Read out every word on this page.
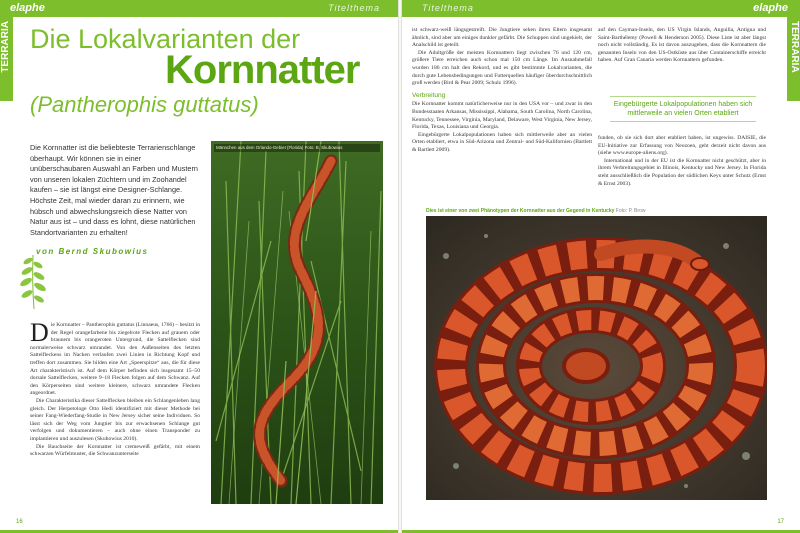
elaphe	Titelthema
TERRARIA Die Lokalvarianten der
Kornnatter
(Pantherophis guttatus)
Die Kornnatter ist die beliebteste Terrarienschlange überhaupt. Wir können sie in einer unüberschaubaren Auswahl an Farben und Mustern von unseren lokalen Züchtern und im Zoohandel kaufen – sie ist längst eine Designer-Schlange. Höchste Zeit, mal wieder daran zu erinnern, wie hübsch und abwechslungsreich diese Natter von Natur aus ist – und dass es lohnt, diese natürlichen Standortvarianten zu erhalten!
von Bernd Skubowius
D ie Kornnatter – Pantherophis guttatus (Linnaeus, 1766) – besitzt in der Regel orangefarbene bis ziegelrote Flecken auf grauem oder braunem bis orangeroten Untergrund, die Sattelflecken sind normalerweise schwarz umrandet. Von den Außenseiten des letzten Sattelfleckens im Nacken verlaufen zwei Linien in Richtung Kopf und treffen dort zusammen. Sie bilden eine Art „Speerspitze“ aus, die für diese Art charakteristisch ist. Auf dem Körper befinden sich insgesamt 15–50 dorsale Sattelflecken, weitere 9–18 Flecken folgen auf dem Schwanz. Auf den Körperseiten sind weitere kleinere, schwarz umrandete Flecken angeordnet.

Die Charakteristika dieser Sattelflecken bleiben ein Schlangenleben lang gleich. Der Herpetologe Otto Hedi identifiziert mit dieser Methode bei seiner Fang-Wiederfang-Studie in New Jersey sicher seine Individuen. So lässt sich der Weg vom Jungtier bis zur erwachsenen Schlange gut verfolgen und dokumentieren – auch ohne einen Transponder zu implantieren und auszulesen (Skubowius 2010).

Die Bauchseite der Kornnatter ist cremeweiß gefärbt, mit einem schwarzen Würfelmuster, die Schwanzunterseite

Männchen aus dem Orlando-Gebiet (Florida) Foto: B. Skubowius
16
Titelthema	elaphe
TERRARIA

ist schwarz-weiß längsgestreift. Die Jungtiere sehen ihren Eltern insgesamt ähnlich, sind aber um einiges dunkler gefärbt. Die Schuppen sind ungekielt, der Analschild ist geteilt.

Die Adultgröße der meisten Kornnattern liegt zwischen 76 und 120 cm, größere Tiere erreichen auch schon mal 150 cm Länge. Im Ausnahmefall wurden 186 cm halt den Rekord, und es gibt bestimmte Lokalvarianten, die durch gute Lebensbedingungen und Futterquellen häufiger überdurchschnittlich groß werden (Bird & Pear 2009; Schulz 1996).

Verbreitung

Die Kornnatter kommt natürlicherweise nur in den USA vor – und zwar in den Bundesstaaten Arkansas, Mississippi, Alabama, South Carolina, North Carolina, Kentucky, Tennessee, Virginia, Maryland, Delaware, West Virginia, New Jersey, Florida, Texas, Louisiana und Georgia.

Eingebürgerte Lokalpopulationen haben sich mittlerweile aber an vielen Orten etabliert, etwa in Süd-Arizona und Zentral- und Süd-Kalifornien (Bartlett & Bartlett 2009).

auf den Cayman-Inseln, den US Virgin Islands, Anguilla, Antigua und Saint-Barthélemy (Powell & Henderson 2005). Diese Liste ist aber längst noch nicht vollständig. Es ist davon auszugehen, dass die Kornnattern die genannten Inseln von den US-Ostküste aus über Containerschiffe erreicht haben. Auf Gran Canaria werden Kornnattern gefunden.

Eingebürgerte Lokalpopulationen haben sich mittlerweile an vielen Orten etabliert

funden, ob sie sich dort aber etabliert haben, ist ungewiss. DAISIE, die EU-Initiative zur Erfassung von Neozoen, geht derzeit nicht davon aus (siehe www.europe-aliens.org).

International und in der EU ist die Kornnatter nicht geschützt, aber in ihrem Verbreitungsgebiet in Illinois, Kentucky und New Jersey. In Florida steht ausschließlich die Population der südlichen Keys unter Schutz (Ernst & Ernst 2003).

Dies ist einer von zwei Phänotypen der Kornnatter aus der Gegend in Kentucky Foto: P. Brow
17
